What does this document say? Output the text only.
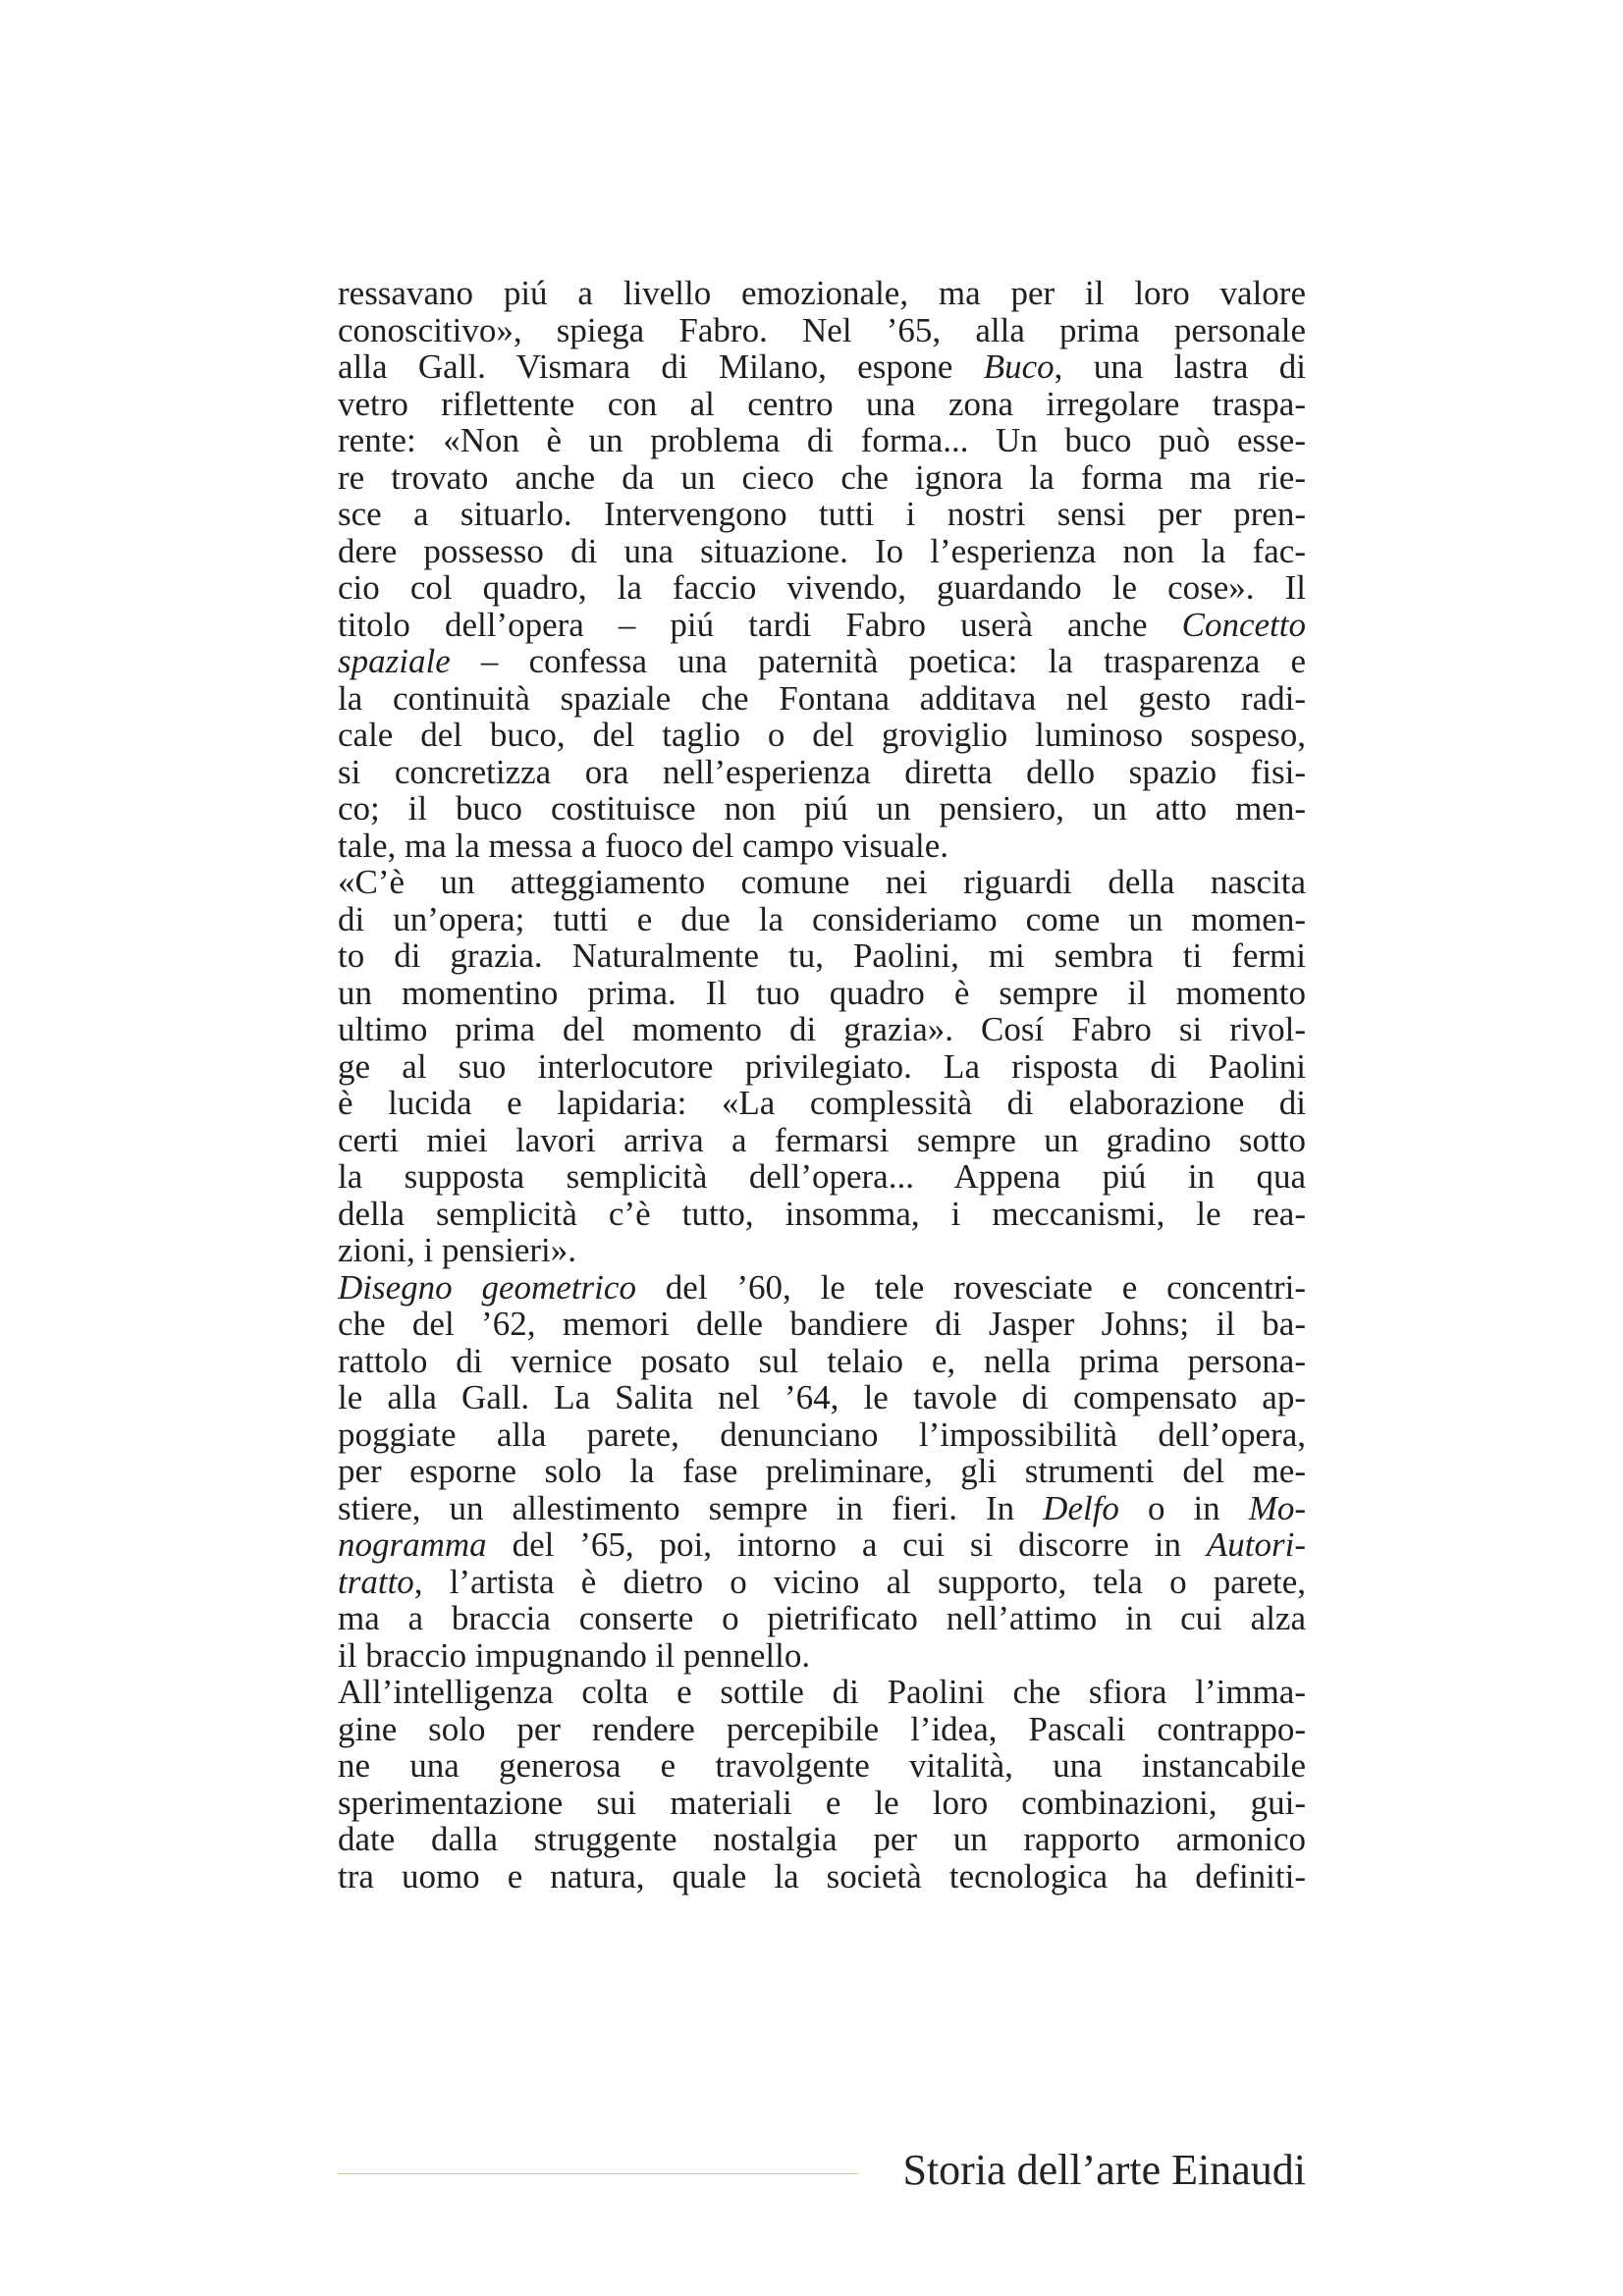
ressavano piú a livello emozionale, ma per il loro valore
conoscitivo», spiega Fabro. Nel ’65, alla prima personale
alla Gall. Vismara di Milano, espone Buco, una lastra di
vetro riflettente con al centro una zona irregolare traspa-
rente: «Non è un problema di forma... Un buco può esse-
re trovato anche da un cieco che ignora la forma ma rie-
sce a situarlo. Intervengono tutti i nostri sensi per pren-
dere possesso di una situazione. Io l’esperienza non la fac-
cio col quadro, la faccio vivendo, guardando le cose». Il
titolo dell’opera – piú tardi Fabro userà anche Concetto
spaziale – confessa una paternità poetica: la trasparenza e
la continuità spaziale che Fontana additava nel gesto radi-
cale del buco, del taglio o del groviglio luminoso sospeso,
si concretizza ora nell’esperienza diretta dello spazio fisi-
co; il buco costituisce non piú un pensiero, un atto men-
tale, ma la messa a fuoco del campo visuale.
«C’è un atteggiamento comune nei riguardi della nascita
di un’opera; tutti e due la consideriamo come un momen-
to di grazia. Naturalmente tu, Paolini, mi sembra ti fermi
un momentino prima. Il tuo quadro è sempre il momento
ultimo prima del momento di grazia». Cosí Fabro si rivol-
ge al suo interlocutore privilegiato. La risposta di Paolini
è lucida e lapidaria: «La complessità di elaborazione di
certi miei lavori arriva a fermarsi sempre un gradino sotto
la supposta semplicità dell’opera... Appena piú in qua
della semplicità c’è tutto, insomma, i meccanismi, le rea-
zioni, i pensieri».
Disegno geometrico del ’60, le tele rovesciate e concentri-
che del ’62, memori delle bandiere di Jasper Johns; il ba-
rattolo di vernice posato sul telaio e, nella prima persona-
le alla Gall. La Salita nel ’64, le tavole di compensato ap-
poggiate alla parete, denunciano l’impossibilità dell’opera,
per esporne solo la fase preliminare, gli strumenti del me-
stiere, un allestimento sempre in fieri. In Delfo o in Mo-
nogramma del ’65, poi, intorno a cui si discorre in Autori-
tratto, l’artista è dietro o vicino al supporto, tela o parete,
ma a braccia conserte o pietrificato nell’attimo in cui alza
il braccio impugnando il pennello.
All’intelligenza colta e sottile di Paolini che sfiora l’imma-
gine solo per rendere percepibile l’idea, Pascali contrappo-
ne una generosa e travolgente vitalità, una instancabile
sperimentazione sui materiali e le loro combinazioni, gui-
date dalla struggente nostalgia per un rapporto armonico
tra uomo e natura, quale la società tecnologica ha definiti-
Storia dell’arte Einaudi
